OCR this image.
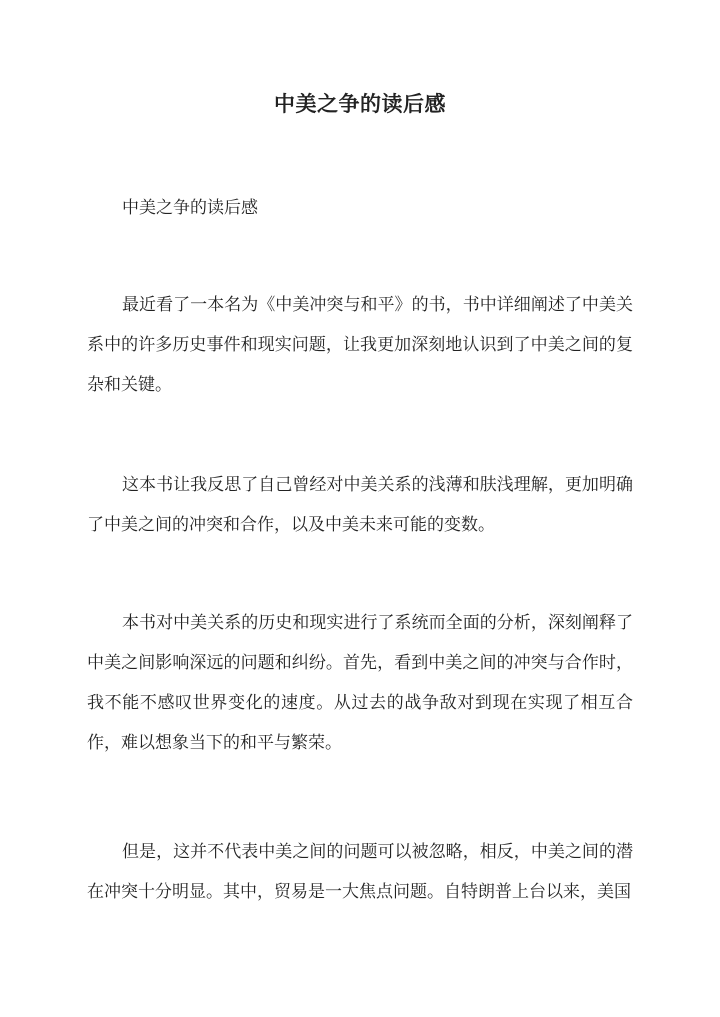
中美之争的读后感
中美之争的读后感
最近看了一本名为《中美冲突与和平》的书，书中详细阐述了中美关系中的许多历史事件和现实问题，让我更加深刻地认识到了中美之间的复杂和关键。
这本书让我反思了自己曾经对中美关系的浅薄和肤浅理解，更加明确了中美之间的冲突和合作，以及中美未来可能的变数。
本书对中美关系的历史和现实进行了系统而全面的分析，深刻阐释了中美之间影响深远的问题和纠纷。首先，看到中美之间的冲突与合作时，我不能不感叹世界变化的速度。从过去的战争敌对到现在实现了相互合作，难以想象当下的和平与繁荣。
但是，这并不代表中美之间的问题可以被忽略，相反，中美之间的潜在冲突十分明显。其中，贸易是一大焦点问题。自特朗普上台以来，美国
